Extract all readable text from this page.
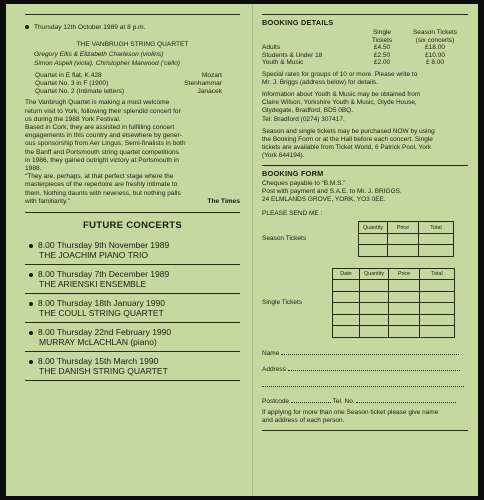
Thursday 12th October 1989 at 8 p.m.
THE VANBRUGH STRING QUARTET
Gregory Ellis & Elizabeth Charleson (violins)
Simon Aspell (viola), Christopher Marwood (’cello)
Quartet in E flat, K.428	Mozart
Quartet No. 3 in F (1900)	Stenhammar
Quartet No. 2 (Intimate letters)	Janacek
The Vanbrugh Quartet is making a most welcome
return visit to York, following their splendid concert for
us during the 1988 York Festival.
Based in Cork, they are assisted in fulfilling concert
engagements in this country and elsewhere by gener-
ous sponsorship from Aer Lingus. Semi-finalists in both
the Banff and Portsmouth string quartet competitions
in 1986, they gained outright victory at Portsmouth in
1988.
“They are, perhaps, at that perfect stage where the
masterpieces of the repertoire are freshly intimate to
them. Nothing daunts with newness, but nothing palls
with familiarity.”	The Times
FUTURE CONCERTS
8.00 Thursday 9th November 1989
THE JOACHIM PIANO TRIO
8.00 Thursday 7th December 1989
THE ARIENSKI ENSEMBLE
8.00 Thursday 18th January 1990
THE COULL STRING QUARTET
8.00 Thursday 22nd February 1990
MURRAY McLACHLAN (piano)
8.00 Thursday 15th March 1990
THE DANISH STRING QUARTET
BOOKING DETAILS
	Single
Tickets	Season Tickets
(six concerts)
Adults	£4.50	£18.00
Students & Under 18	£2.50	£10.00
Youth & Music	£2.00	£ 8.00
Special rates for groups of 10 or more. Please write to
Mr. J. Briggs (address below) for details.
Information about Youth & Music may be obtained from
Claire Wilson, Yorkshire Youth & Music, Glyde House,
Glydegate, Bradford, BD5 0BQ.
Tel: Bradford (0274) 307417.
Season and single tickets may be purchased NOW by using
the Booking Form or at the Hall before each concert. Single
tickets are available from Ticket World, 6 Patrick Pool, York
(York 644194).
BOOKING FORM
Cheques payable to “B.M.S.”
Post with payment and S.A.E. to Mr. J. BRIGGS,
24 ELMLANDS GROVE, YORK, YO3 0EE.
PLEASE SEND ME :
Season Tickets
Quantity	Price	Total

Single Tickets
Date	Quantity	Price	Total

Name
Address
Postcode	Tel. No.
If applying for more than one Season ticket please give name
and address of each person.
